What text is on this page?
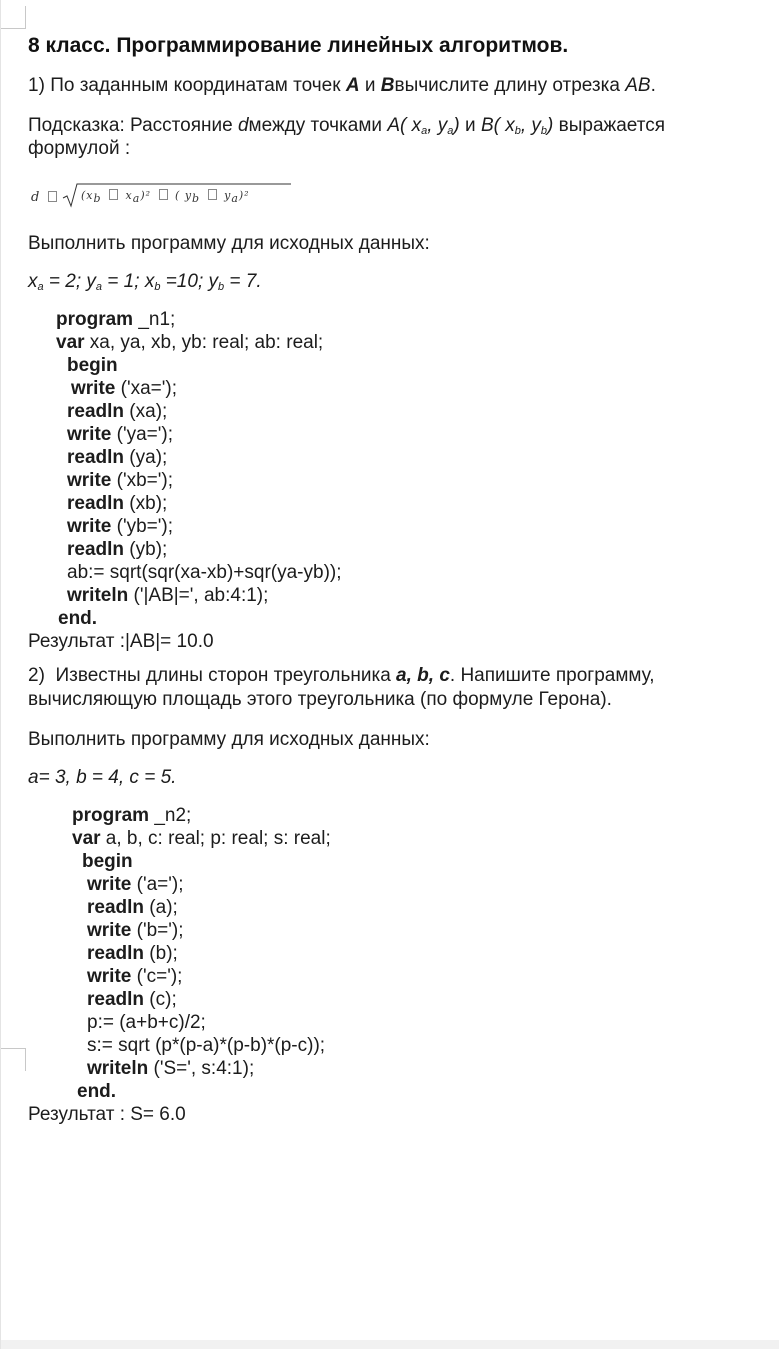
8 класс. Программирование линейных алгоритмов.
1) По заданным координатам точек A и Bвычислите длину отрезка AB.
Подсказка: Расстояние dмежду точками A( $x_a$, $y_a$) и B( $x_b$, $y_b$) выражается
формулой :
d	($x_b$ $x_a)^2$ ( $y_b$ $y_a)^2$
Выполнить программу для исходных данных:
$x_a = 2$; $y_a = 1$; $x_b =10$; $y_b = 7$.
program _n1;
var xa, ya, xb, yb: real; ab: real;
begin
write ('xa=');
readln (xa);
write ('ya=');
readln (ya);
write ('xb=');
readln (xb);
write ('yb=');
readln (yb);
ab:= sqrt(sqr(xa-xb)+sqr(ya-yb));
writeln ('|AB|=', ab:4:1);
end.
Результат :|AB|= 10.0
2) Известны длины сторон треугольника a, b, c. Напишите программу,
вычисляющую площадь этого треугольника (по формуле Герона).
Выполнить программу для исходных данных:
a= 3, b = 4, c = 5.
program _n2;
var a, b, c: real; p: real; s: real;
begin
write ('a=');
readln (a);
write ('b=');
readln (b);
write ('c=');
readln (c);
p:= (a+b+c)/2;
s:= sqrt (p*(p-a)*(p-b)*(p-c));
writeln ('S=', s:4:1);
end.
Результат : S= 6.0
